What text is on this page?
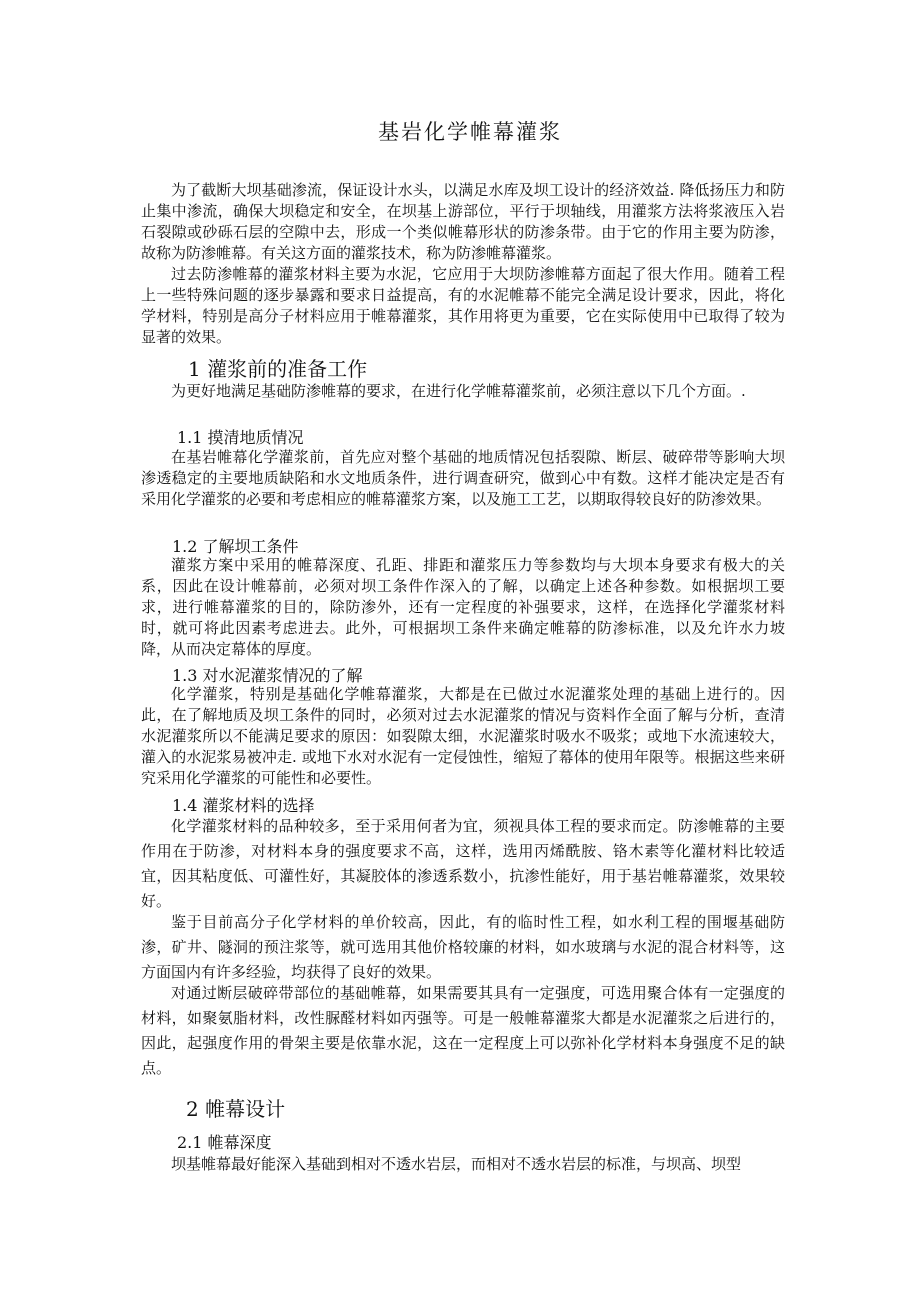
基岩化学帷幕灌浆

为了截断大坝基础渗流，保证设计水头，以满足水库及坝工设计的经济效益. 降低扬压力和防止集中渗流，确保大坝稳定和安全，在坝基上游部位，平行于坝轴线，用灌浆方法将浆液压入岩石裂隙或砂砾石层的空隙中去，形成一个类似帷幕形状的防渗条带。由于它的作用主要为防渗，故称为防渗帷幕。有关这方面的灌浆技术，称为防渗帷幕灌浆。

过去防渗帷幕的灌浆材料主要为水泥，它应用于大坝防渗帷幕方面起了很大作用。随着工程上一些特殊问题的逐步暴露和要求日益提高，有的水泥帷幕不能完全满足设计要求，因此，将化学材料，特别是高分子材料应用于帷幕灌浆，其作用将更为重要，它在实际使用中已取得了较为显著的效果。

1 灌浆前的准备工作

为更好地满足基础防渗帷幕的要求，在进行化学帷幕灌浆前，必须注意以下几个方面。.

1.1 摸清地质情况

在基岩帷幕化学灌浆前，首先应对整个基础的地质情况包括裂隙、断层、破碎带等影响大坝渗透稳定的主要地质缺陷和水文地质条件，进行调查研究，做到心中有数。这样才能决定是否有采用化学灌浆的必要和考虑相应的帷幕灌浆方案，以及施工工艺，以期取得较良好的防渗效果。

1.2 了解坝工条件

灌浆方案中采用的帷幕深度、孔距、排距和灌浆压力等参数均与大坝本身要求有极大的关系，因此在设计帷幕前，必须对坝工条件作深入的了解，以确定上述各种参数。如根据坝工要求，进行帷幕灌浆的目的，除防渗外，还有一定程度的补强要求，这样，在选择化学灌浆材料时，就可将此因素考虑进去。此外，可根据坝工条件来确定帷幕的防渗标准，以及允许水力坡降，从而决定幕体的厚度。

1.3 对水泥灌浆情况的了解

化学灌浆，特别是基础化学帷幕灌浆，大都是在已做过水泥灌浆处理的基础上进行的。因此，在了解地质及坝工条件的同时，必须对过去水泥灌浆的情况与资料作全面了解与分析，查清水泥灌浆所以不能满足要求的原因：如裂隙太细，水泥灌浆时吸水不吸浆；或地下水流速较大，灌入的水泥浆易被冲走. 或地下水对水泥有一定侵蚀性，缩短了幕体的使用年限等。根据这些来研究采用化学灌浆的可能性和必要性。

1.4 灌浆材料的选择

化学灌浆材料的品种较多，至于采用何者为宜，须视具体工程的要求而定。防渗帷幕的主要作用在于防渗，对材料本身的强度要求不高，这样，选用丙烯酰胺、铬木素等化灌材料比较适宜，因其粘度低、可灌性好，其凝胶体的渗透系数小，抗渗性能好，用于基岩帷幕灌浆，效果较好。

鉴于目前高分子化学材料的单价较高，因此，有的临时性工程，如水利工程的围堰基础防渗，矿井、隧洞的预注浆等，就可选用其他价格较廉的材料，如水玻璃与水泥的混合材料等，这方面国内有许多经验，均获得了良好的效果。

对通过断层破碎带部位的基础帷幕，如果需要其具有一定强度，可选用聚合体有一定强度的材料，如聚氨脂材料，改性脲醛材料如丙强等。可是一般帷幕灌浆大都是水泥灌浆之后进行的，因此，起强度作用的骨架主要是依靠水泥，这在一定程度上可以弥补化学材料本身强度不足的缺点。

2 帷幕设计
2.1 帷幕深度

坝基帷幕最好能深入基础到相对不透水岩层，而相对不透水岩层的标准，与坝高、坝型
